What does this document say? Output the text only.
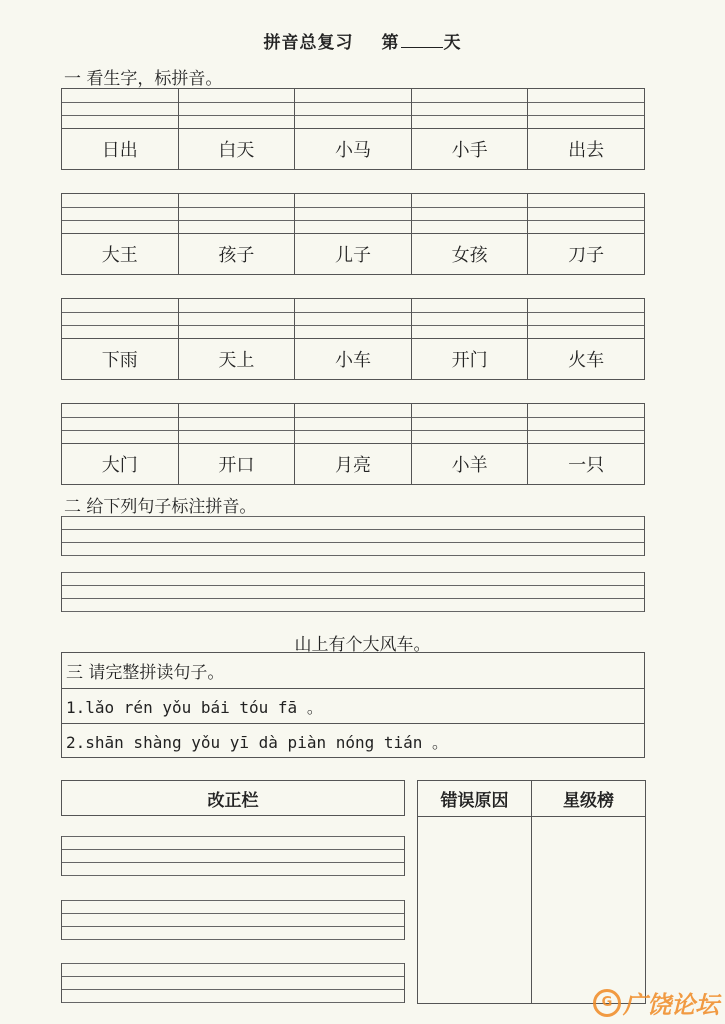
拼音总复习 第	天
一 看生字，标拼音。
日出	白天	小马	小手	出去
大王	孩子	儿子	女孩	刀子
下雨	天上	小车	开门	火车
大门	开口	月亮	小羊	一只
二 给下列句子标注拼音。
山上有个大风车。
三 请完整拼读句子。
1.lǎo rén yǒu bái tóu fā 。
2.shān shàng yǒu yī dà piàn nóng tián 。
改正栏	错误原因	星级榜
G 广饶论坛
